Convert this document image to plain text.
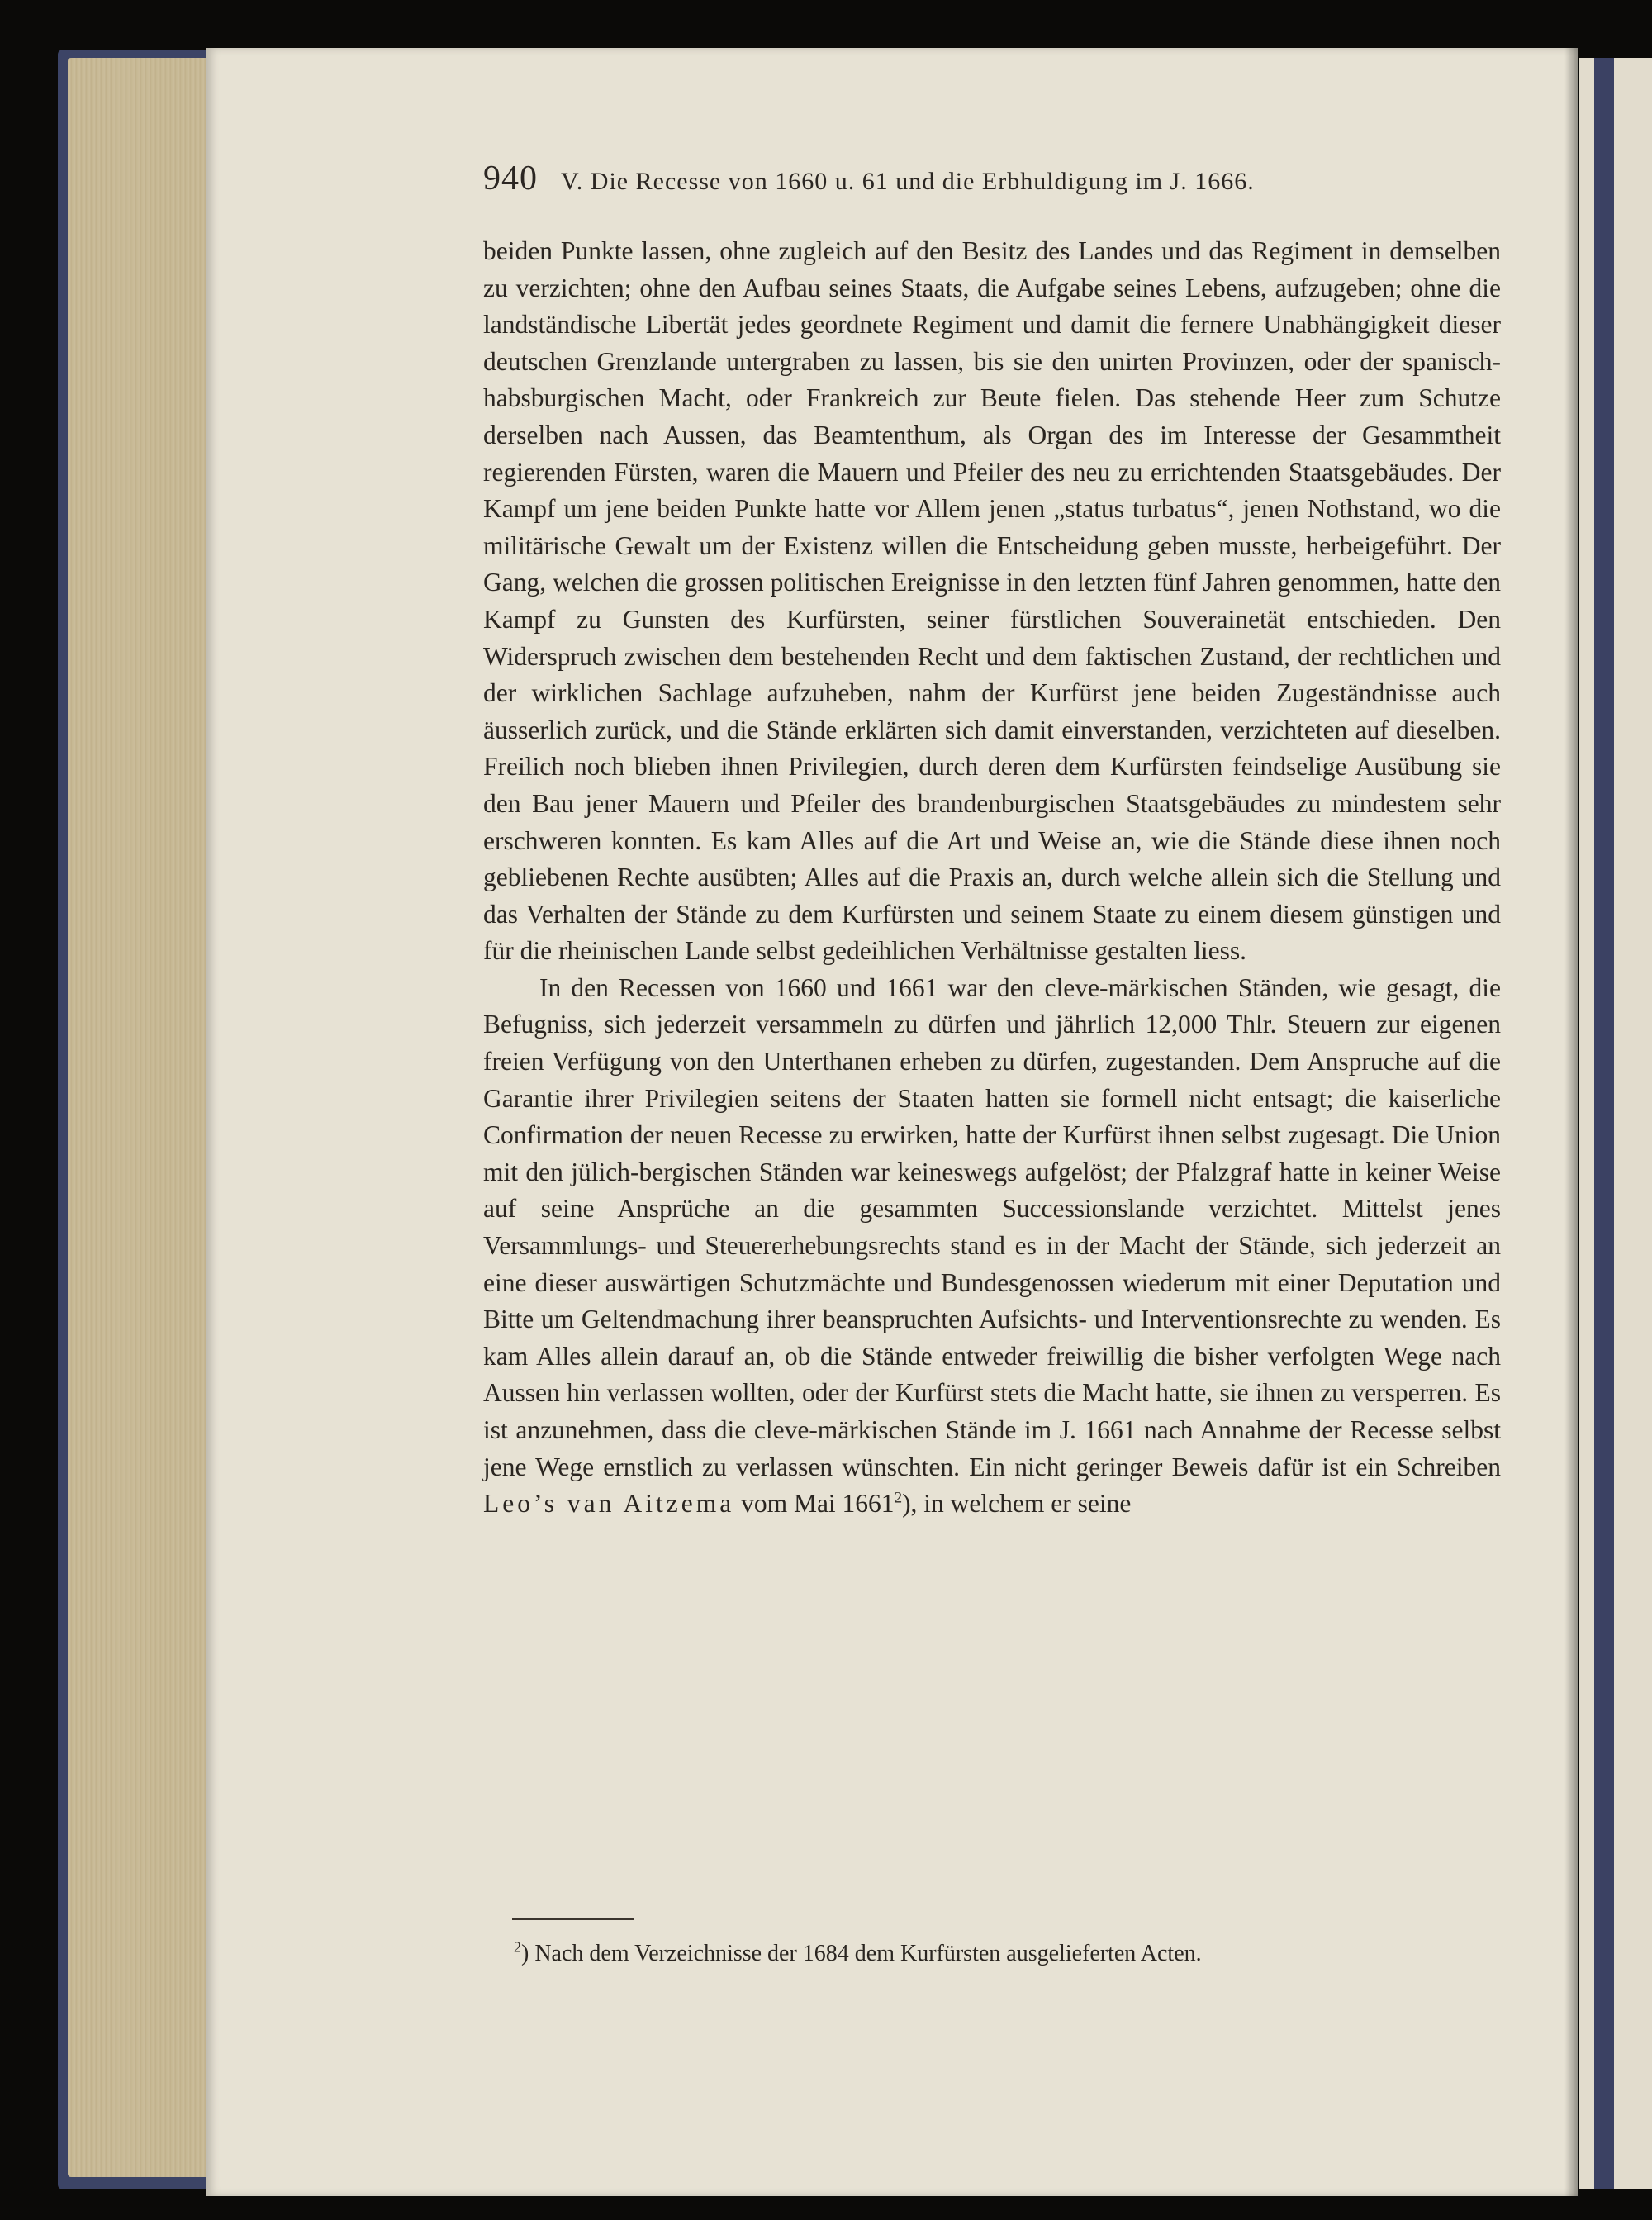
940 V. Die Recesse von 1660 u. 61 und die Erbhuldigung im J. 1666.

beiden Punkte lassen, ohne zugleich auf den Besitz des Landes und das Regiment in demselben zu verzichten; ohne den Aufbau seines Staats, die Aufgabe seines Lebens, aufzugeben; ohne die landständische Libertät jedes geordnete Regiment und damit die fernere Unabhängigkeit dieser deutschen Grenzlande untergraben zu lassen, bis sie den unirten Provinzen, oder der spanisch-habsburgischen Macht, oder Frankreich zur Beute fielen. Das stehende Heer zum Schutze derselben nach Aussen, das Beamtenthum, als Organ des im Interesse der Gesammtheit regierenden Fürsten, waren die Mauern und Pfeiler des neu zu errichtenden Staatsgebäudes. Der Kampf um jene beiden Punkte hatte vor Allem jenen „status turbatus“, jenen Nothstand, wo die militärische Gewalt um der Existenz willen die Entscheidung geben musste, herbeigeführt. Der Gang, welchen die grossen politischen Ereignisse in den letzten fünf Jahren genommen, hatte den Kampf zu Gunsten des Kurfürsten, seiner fürstlichen Souverainetät entschieden. Den Widerspruch zwischen dem bestehenden Recht und dem faktischen Zustand, der rechtlichen und der wirklichen Sachlage aufzuheben, nahm der Kurfürst jene beiden Zugeständnisse auch äusserlich zurück, und die Stände erklärten sich damit einverstanden, verzichteten auf dieselben. Freilich noch blieben ihnen Privilegien, durch deren dem Kurfürsten feindselige Ausübung sie den Bau jener Mauern und Pfeiler des brandenburgischen Staatsgebäudes zu mindestem sehr erschweren konnten. Es kam Alles auf die Art und Weise an, wie die Stände diese ihnen noch gebliebenen Rechte ausübten; Alles auf die Praxis an, durch welche allein sich die Stellung und das Verhalten der Stände zu dem Kurfürsten und seinem Staate zu einem diesem günstigen und für die rheinischen Lande selbst gedeihlichen Verhältnisse gestalten liess.

In den Recessen von 1660 und 1661 war den cleve-märkischen Ständen, wie gesagt, die Befugniss, sich jederzeit versammeln zu dürfen und jährlich 12,000 Thlr. Steuern zur eigenen freien Verfügung von den Unterthanen erheben zu dürfen, zugestanden. Dem Anspruche auf die Garantie ihrer Privilegien seitens der Staaten hatten sie formell nicht entsagt; die kaiserliche Confirmation der neuen Recesse zu erwirken, hatte der Kurfürst ihnen selbst zugesagt. Die Union mit den jülich-bergischen Ständen war keineswegs aufgelöst; der Pfalzgraf hatte in keiner Weise auf seine Ansprüche an die gesammten Successionslande verzichtet. Mittelst jenes Versammlungs- und Steuererhebungsrechts stand es in der Macht der Stände, sich jederzeit an eine dieser auswärtigen Schutzmächte und Bundesgenossen wiederum mit einer Deputation und Bitte um Geltendmachung ihrer beanspruchten Aufsichts- und Interventionsrechte zu wenden. Es kam Alles allein darauf an, ob die Stände entweder freiwillig die bisher verfolgten Wege nach Aussen hin verlassen wollten, oder der Kurfürst stets die Macht hatte, sie ihnen zu versperren. Es ist anzunehmen, dass die cleve-märkischen Stände im J. 1661 nach Annahme der Recesse selbst jene Wege ernstlich zu verlassen wünschten. Ein nicht geringer Beweis dafür ist ein Schreiben Leo’s van Aitzema vom Mai 1661$^2$), in welchem er seine

$^2$) Nach dem Verzeichnisse der 1684 dem Kurfürsten ausgelieferten Acten.
